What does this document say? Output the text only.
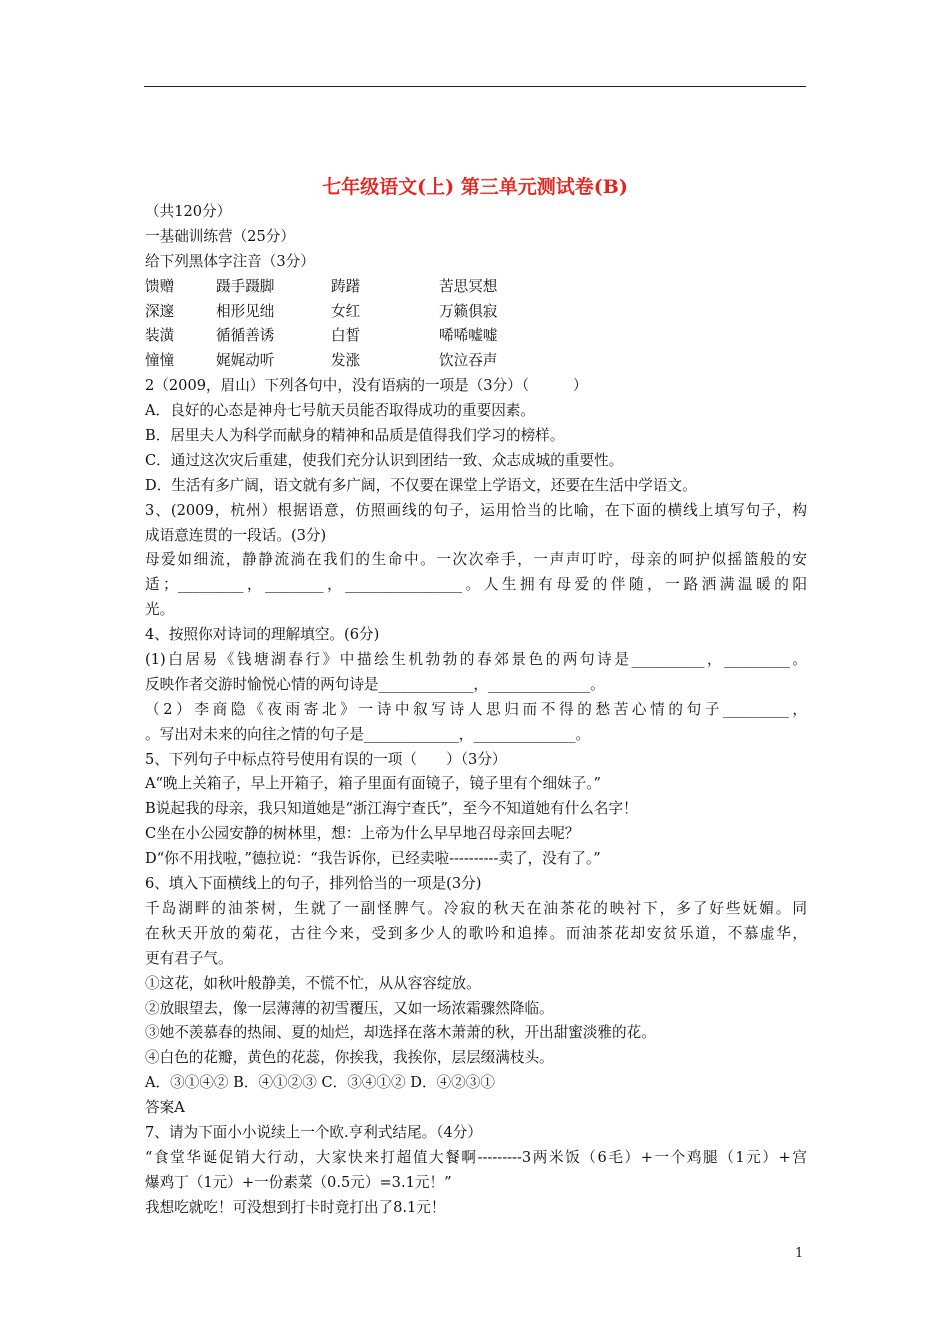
七年级语文(上) 第三单元测试卷(B)
（共120分）
一基础训练营（25分）
给下列黑体字注音（3分）
馈赠	蹑手蹑脚	踌躇	苦思冥想
深邃	相形见绌	女红	万籁俱寂
装潢	循循善诱	白皙	唏唏嘘嘘
憧憧	娓娓动听	发涨	饮泣吞声
2（2009，眉山）下列各句中，没有语病的一项是（3分）（　　　）
A．良好的心态是神舟七号航天员能否取得成功的重要因素。
B．居里夫人为科学而献身的精神和品质是值得我们学习的榜样。
C．通过这次灾后重建，使我们充分认识到团结一致、众志成城的重要性。
D．生活有多广阔，语文就有多广阔，不仅要在课堂上学语文，还要在生活中学语文。
3、(2009，杭州）根据语意，仿照画线的句子，运用恰当的比喻，在下面的横线上填写句子，构
成语意连贯的一段话。(3分)
母爱如细流，静静流淌在我们的生命中。一次次牵手，一声声叮咛，母亲的呵护似摇篮般的安
适；_________，________，________________。人生拥有母爱的伴随，一路洒满温暖的阳
光。
4、按照你对诗词的理解填空。(6分)
(1)白居易《钱塘湖春行》中描绘生机勃勃的春郊景色的两句诗是__________，_________。
反映作者交游时愉悦心情的两句诗是_____________，______________。
（2）李商隐《夜雨寄北》一诗中叙写诗人思归而不得的愁苦心情的句子_________，
。写出对未来的向往之情的句子是_____________，______________。
5、下列句子中标点符号使用有误的一项（　　）（3分）
A“晚上关箱子，早上开箱子，箱子里面有面镜子，镜子里有个细妹子。”
B说起我的母亲，我只知道她是“浙江海宁查氏”，至今不知道她有什么名字！
C坐在小公园安静的树林里，想：上帝为什么早早地召母亲回去呢？
D“你不用找啦，”德拉说：“我告诉你，已经卖啦----------卖了，没有了。”
6、填入下面横线上的句子，排列恰当的一项是(3分)
千岛湖畔的油茶树，生就了一副怪脾气。冷寂的秋天在油茶花的映衬下，多了好些妩媚。同
在秋天开放的菊花，古往今来，受到多少人的歌吟和追捧。而油茶花却安贫乐道，不慕虚华，
更有君子气。
①这花，如秋叶般静美，不慌不忙，从从容容绽放。
②放眼望去，像一层薄薄的初雪覆压，又如一场浓霜骤然降临。
③她不羡慕春的热闹、夏的灿烂，却选择在落木萧萧的秋，开出甜蜜淡雅的花。
④白色的花瓣，黄色的花蕊，你挨我，我挨你，层层缀满枝头。
A．③①④② B．④①②③ C．③④①② D．④②③①
答案A
7、请为下面小小说续上一个欧.亨利式结尾。（4分）
“食堂华诞促销大行动，大家快来打超值大餐啊---------3两米饭（6毛）+一个鸡腿（1元）+宫
爆鸡丁（1元）+一份素菜（0.5元）=3.1元！”
我想吃就吃！可没想到打卡时竟打出了8.1元！
1
